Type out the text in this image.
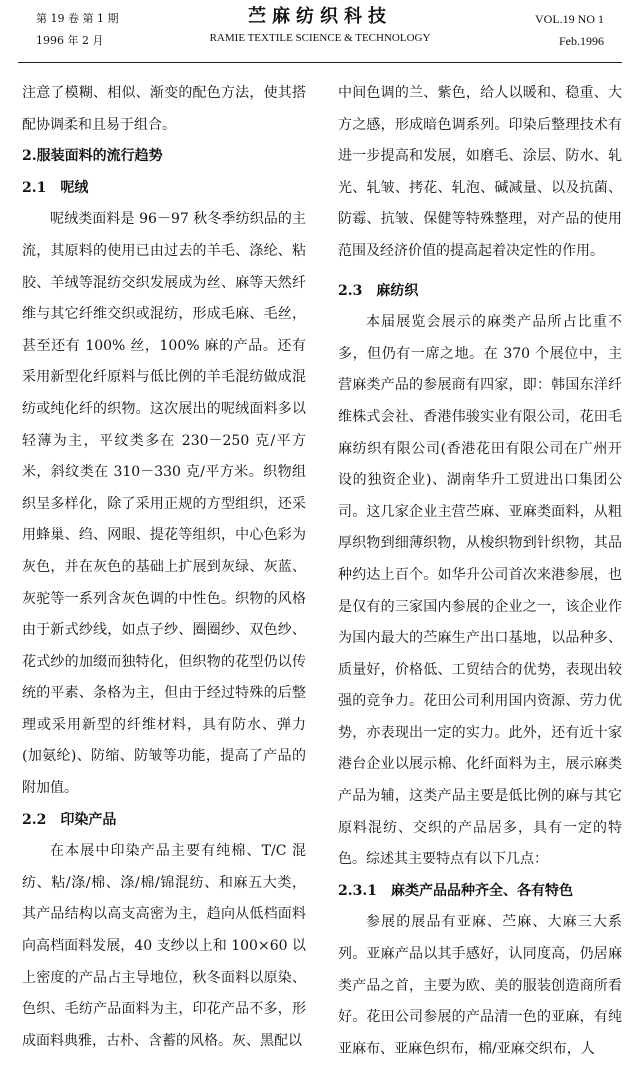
第 19 卷 第 1 期
1996 年 2 月
苎麻纺织科技
RAMIE TEXTILE SCIENCE & TECHNOLOGY
VOL.19 NO 1
Feb.1996

注意了模糊、相似、渐变的配色方法，使其搭配协调柔和且易于组合。

2.服装面料的流行趋势

2.1 呢绒

呢绒类面料是 96－97 秋冬季纺织品的主流，其原料的使用已由过去的羊毛、涤纶、粘胶、羊绒等混纺交织发展成为丝、麻等天然纤维与其它纤维交织或混纺，形成毛麻、毛丝，甚至还有 100% 丝，100% 麻的产品。还有采用新型化纤原料与低比例的羊毛混纺做成混纺或纯化纤的织物。这次展出的呢绒面料多以轻薄为主，平纹类多在 230－250 克/平方米，斜纹类在 310－330 克/平方米。织物组织呈多样化，除了采用正规的方型组织，还采用蜂巢、绉、网眼、提花等组织，中心色彩为灰色，并在灰色的基础上扩展到灰绿、灰蓝、灰驼等一系列含灰色调的中性色。织物的风格由于新式纱线，如点子纱、圈圈纱、双色纱、花式纱的加缀而独特化，但织物的花型仍以传统的平素、条格为主，但由于经过特殊的后整理或采用新型的纤维材料，具有防水、弹力(加氨纶)、防缩、防皱等功能，提高了产品的附加值。

2.2 印染产品

在本展中印染产品主要有纯棉、T/C 混纺、粘/涤/棉、涤/棉/锦混纺、和麻五大类，其产品结构以高支高密为主，趋向从低档面料向高档面料发展，40 支纱以上和 100×60 以上密度的产品占主导地位，秋冬面料以原染、色织、毛纺产品面料为主，印花产品不多，形成面料典雅，古朴、含蓄的风格。灰、黑配以

中间色调的兰、紫色，给人以暖和、稳重、大方之感，形成暗色调系列。印染后整理技术有进一步提高和发展，如磨毛、涂层、防水、轧光、轧皱、拷花、轧泡、碱减量、以及抗菌、防霉、抗皱、保健等特殊整理，对产品的使用范围及经济价值的提高起着决定性的作用。

2.3 麻纺织

本届展览会展示的麻类产品所占比重不多，但仍有一席之地。在 370 个展位中，主营麻类产品的参展商有四家，即：韩国东洋纤维株式会社、香港伟骏实业有限公司，花田毛麻纺织有限公司(香港花田有限公司在广州开设的独资企业)、湖南华升工贸进出口集团公司。这几家企业主营苎麻、亚麻类面料，从粗厚织物到细薄织物，从梭织物到针织物，其品种约达上百个。如华升公司首次来港参展，也是仅有的三家国内参展的企业之一，该企业作为国内最大的苎麻生产出口基地，以品种多、质量好，价格低、工贸结合的优势，表现出较强的竞争力。花田公司利用国内资源、劳力优势，亦表现出一定的实力。此外，还有近十家港台企业以展示棉、化纤面料为主，展示麻类产品为辅，这类产品主要是低比例的麻与其它原料混纺、交织的产品居多，具有一定的特色。综述其主要特点有以下几点：

2.3.1 麻类产品品种齐全、各有特色

参展的展品有亚麻、苎麻、大麻三大系列。亚麻产品以其手感好，认同度高，仍居麻类产品之首，主要为欧、美的服装创造商所看好。花田公司参展的产品清一色的亚麻，有纯亚麻布、亚麻色织布，棉/亚麻交织布，人
